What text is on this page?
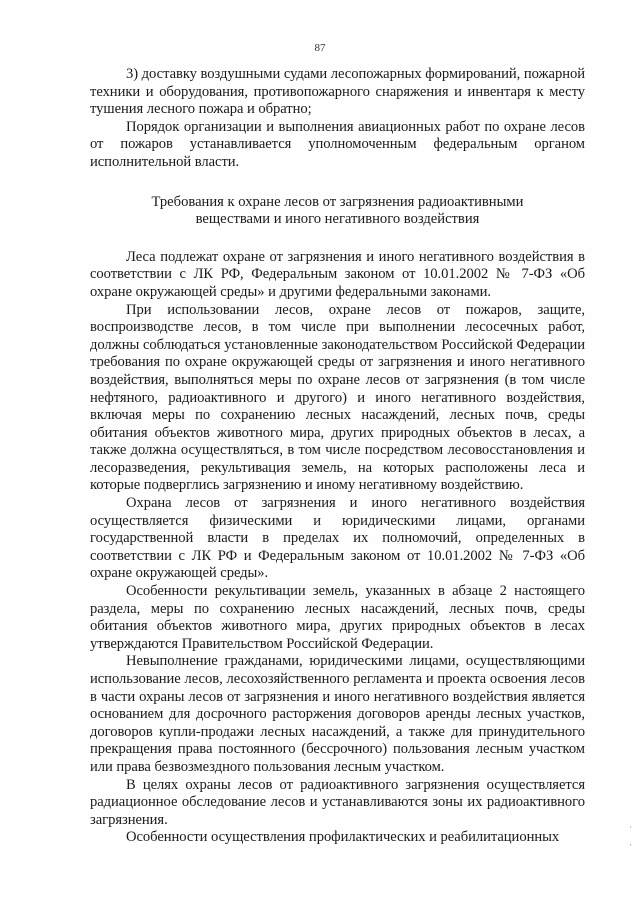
87

3) доставку воздушными судами лесопожарных формирований, пожарной техники и оборудования, противопожарного снаряжения и инвентаря к месту тушения лесного пожара и обратно;

Порядок организации и выполнения авиационных работ по охране лесов от пожаров устанавливается уполномоченным федеральным органом исполнительной власти.

Требования к охране лесов от загрязнения радиоактивными
веществами и иного негативного воздействия

Леса подлежат охране от загрязнения и иного негативного воздействия в соответствии с ЛК РФ, Федеральным законом от 10.01.2002 № 7-ФЗ «Об охране окружающей среды» и другими федеральными законами.

При использовании лесов, охране лесов от пожаров, защите, воспроизводстве лесов, в том числе при выполнении лесосечных работ, должны соблюдаться установленные законодательством Российской Федерации требования по охране окружающей среды от загрязнения и иного негативного воздействия, выполняться меры по охране лесов от загрязнения (в том числе нефтяного, радиоактивного и другого) и иного негативного воздействия, включая меры по сохранению лесных насаждений, лесных почв, среды обитания объектов животного мира, других природных объектов в лесах, а также должна осуществляться, в том числе посредством лесовосстановления и лесоразведения, рекультивация земель, на которых расположены леса и которые подверглись загрязнению и иному негативному воздействию.

Охрана лесов от загрязнения и иного негативного воздействия осуществляется физическими и юридическими лицами, органами государственной власти в пределах их полномочий, определенных в соответствии с ЛК РФ и Федеральным законом от 10.01.2002 № 7-ФЗ «Об охране окружающей среды».

Особенности рекультивации земель, указанных в абзаце 2 настоящего раздела, меры по сохранению лесных насаждений, лесных почв, среды обитания объектов животного мира, других природных объектов в лесах утверждаются Правительством Российской Федерации.

Невыполнение гражданами, юридическими лицами, осуществляющими использование лесов, лесохозяйственного регламента и проекта освоения лесов в части охраны лесов от загрязнения и иного негативного воздействия является основанием для досрочного расторжения договоров аренды лесных участков, договоров купли-продажи лесных насаждений, а также для принудительного прекращения права постоянного (бессрочного) пользования лесным участком или права безвозмездного пользования лесным участком.

В целях охраны лесов от радиоактивного загрязнения осуществляется радиационное обследование лесов и устанавливаются зоны их радиоактивного загрязнения.

Особенности осуществления профилактических и реабилитационных

·
·
